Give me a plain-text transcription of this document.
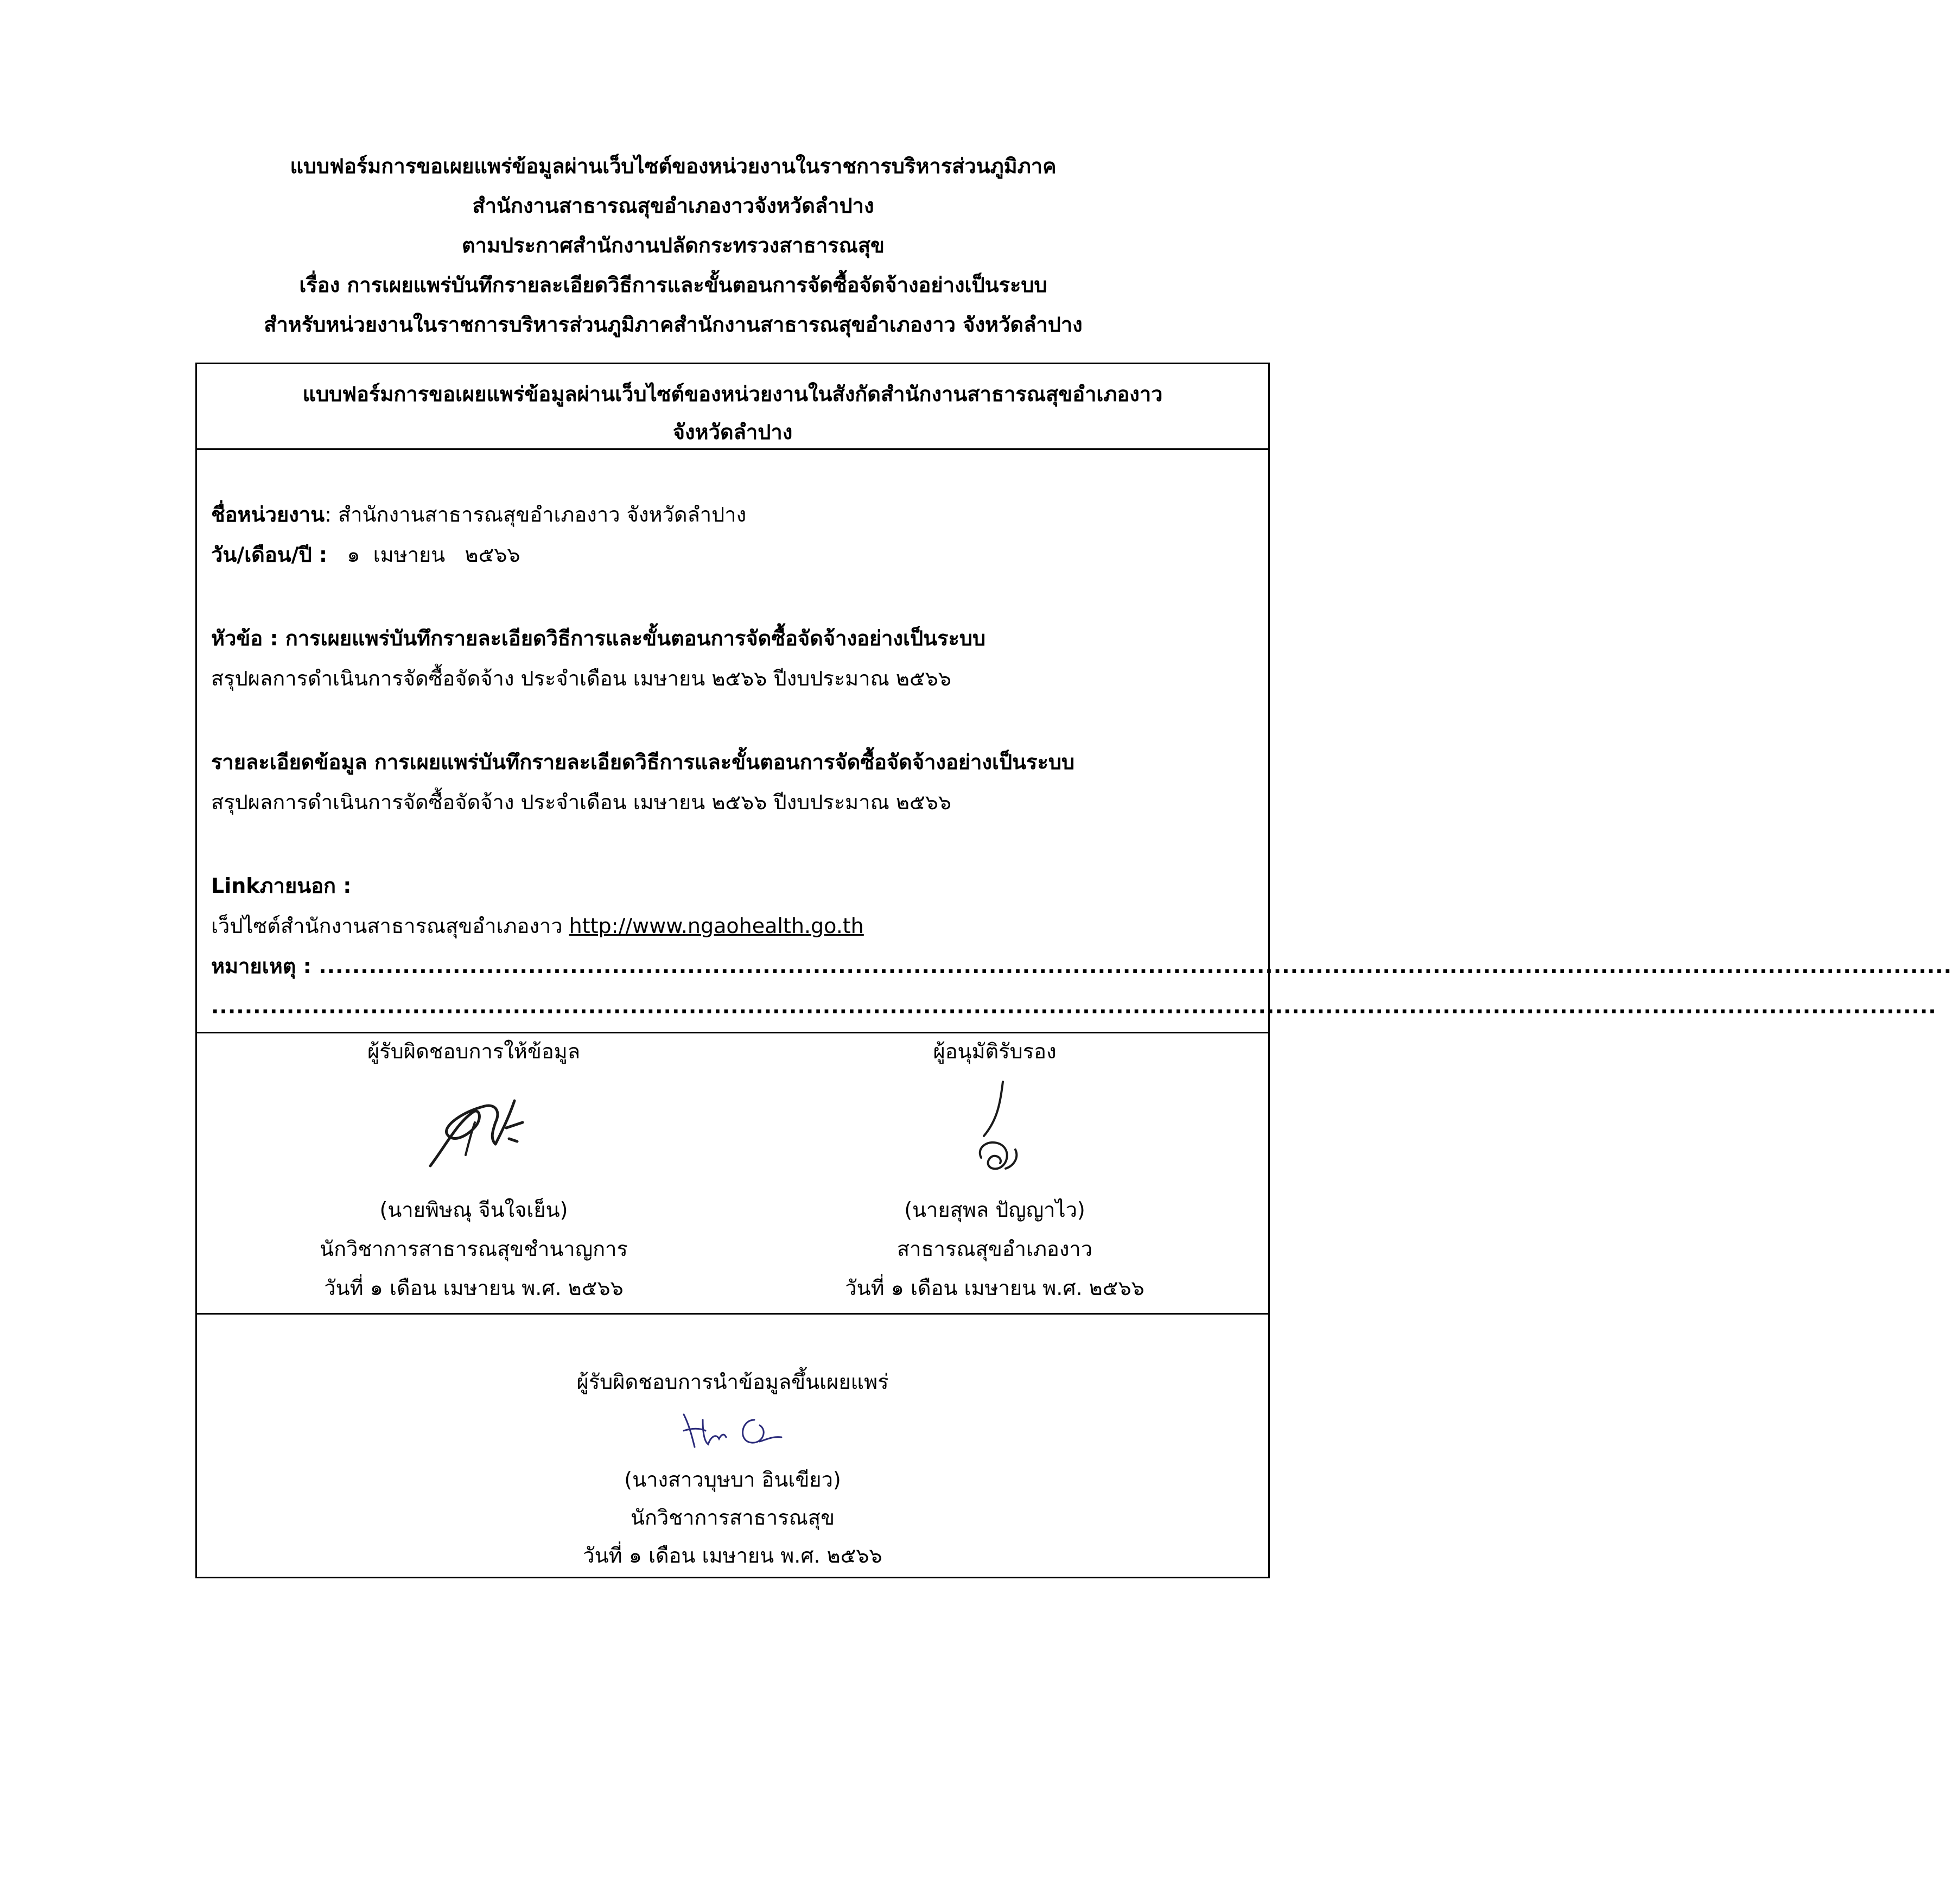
แบบฟอร์มการขอเผยแพร่ข้อมูลผ่านเว็บไซต์ของหน่วยงานในราชการบริหารส่วนภูมิภาค
สำนักงานสาธารณสุขอำเภองาวจังหวัดลำปาง
ตามประกาศสำนักงานปลัดกระทรวงสาธารณสุข
เรื่อง การเผยแพร่บันทึกรายละเอียดวิธีการและขั้นตอนการจัดซื้อจัดจ้างอย่างเป็นระบบ
สำหรับหน่วยงานในราชการบริหารส่วนภูมิภาคสำนักงานสาธารณสุขอำเภองาว จังหวัดลำปาง
แบบฟอร์มการขอเผยแพร่ข้อมูลผ่านเว็บไซต์ของหน่วยงานในสังกัดสำนักงานสาธารณสุขอำเภองาว
จังหวัดลำปาง
ชื่อหน่วยงาน: สำนักงานสาธารณสุขอำเภองาว จังหวัดลำปาง
วัน/เดือน/ปี :   ๑  เมษายน   ๒๕๖๖
หัวข้อ : การเผยแพร่บันทึกรายละเอียดวิธีการและขั้นตอนการจัดซื้อจัดจ้างอย่างเป็นระบบ
สรุปผลการดำเนินการจัดซื้อจัดจ้าง ประจำเดือน เมษายน ๒๕๖๖ ปีงบประมาณ ๒๕๖๖
รายละเอียดข้อมูล การเผยแพร่บันทึกรายละเอียดวิธีการและขั้นตอนการจัดซื้อจัดจ้างอย่างเป็นระบบ
สรุปผลการดำเนินการจัดซื้อจัดจ้าง ประจำเดือน เมษายน ๒๕๖๖ ปีงบประมาณ ๒๕๖๖
Linkภายนอก :
เว็ปไซต์สำนักงานสาธารณสุขอำเภองาว http://www.ngaohealth.go.th
หมายเหตุ : ...................................................................................................................................................................................................
..............................................................................................................................................................................................................
ผู้รับผิดชอบการให้ข้อมูล
(นายพิษณุ จีนใจเย็น)
นักวิชาการสาธารณสุขชำนาญการ
วันที่ ๑ เดือน เมษายน พ.ศ. ๒๕๖๖
ผู้อนุมัติรับรอง
(นายสุพล ปัญญาไว)
สาธารณสุขอำเภองาว
วันที่ ๑ เดือน เมษายน พ.ศ. ๒๕๖๖
ผู้รับผิดชอบการนำข้อมูลขึ้นเผยแพร่
(นางสาวบุษบา อินเขียว)
นักวิชาการสาธารณสุข
วันที่ ๑ เดือน เมษายน พ.ศ. ๒๕๖๖
